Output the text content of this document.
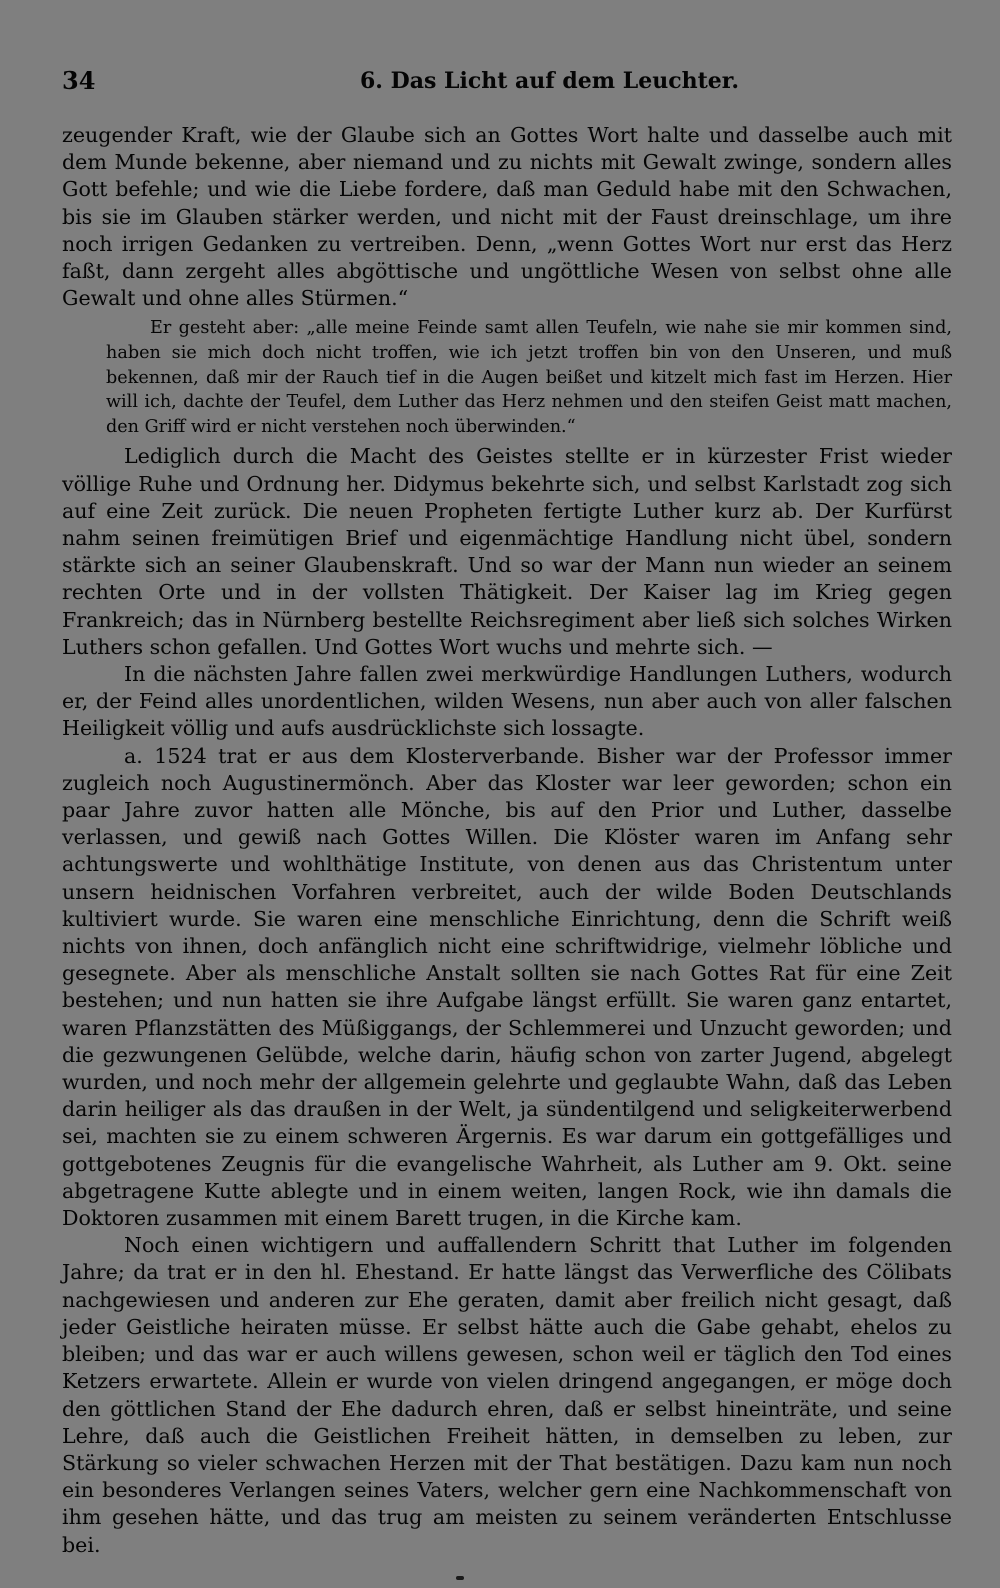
34	6. Das Licht auf dem Leuchter.

zeugender Kraft, wie der Glaube sich an Gottes Wort halte und dasselbe auch mit dem Munde bekenne, aber niemand und zu nichts mit Gewalt zwinge, sondern alles Gott befehle; und wie die Liebe fordere, daß man Geduld habe mit den Schwachen, bis sie im Glauben stärker werden, und nicht mit der Faust dreinschlage, um ihre noch irrigen Gedanken zu vertreiben. Denn, „wenn Gottes Wort nur erst das Herz faßt, dann zergeht alles abgöttische und ungöttliche Wesen von selbst ohne alle Gewalt und ohne alles Stürmen.“

Er gesteht aber: „alle meine Feinde samt allen Teufeln, wie nahe sie mir kommen sind, haben sie mich doch nicht troffen, wie ich jetzt troffen bin von den Unseren, und muß bekennen, daß mir der Rauch tief in die Augen beißet und kitzelt mich fast im Herzen. Hier will ich, dachte der Teufel, dem Luther das Herz nehmen und den steifen Geist matt machen, den Griff wird er nicht verstehen noch überwinden.“

Lediglich durch die Macht des Geistes stellte er in kürzester Frist wieder völlige Ruhe und Ordnung her. Didymus bekehrte sich, und selbst Karlstadt zog sich auf eine Zeit zurück. Die neuen Propheten fertigte Luther kurz ab. Der Kurfürst nahm seinen freimütigen Brief und eigenmächtige Handlung nicht übel, sondern stärkte sich an seiner Glaubenskraft. Und so war der Mann nun wieder an seinem rechten Orte und in der vollsten Thätigkeit. Der Kaiser lag im Krieg gegen Frankreich; das in Nürnberg bestellte Reichsregiment aber ließ sich solches Wirken Luthers schon gefallen. Und Gottes Wort wuchs und mehrte sich. —

In die nächsten Jahre fallen zwei merkwürdige Handlungen Luthers, wodurch er, der Feind alles unordentlichen, wilden Wesens, nun aber auch von aller falschen Heiligkeit völlig und aufs ausdrücklichste sich lossagte.

a. 1524 trat er aus dem Klosterverbande. Bisher war der Professor immer zugleich noch Augustinermönch. Aber das Kloster war leer geworden; schon ein paar Jahre zuvor hatten alle Mönche, bis auf den Prior und Luther, dasselbe verlassen, und gewiß nach Gottes Willen. Die Klöster waren im Anfang sehr achtungswerte und wohlthätige Institute, von denen aus das Christentum unter unsern heidnischen Vorfahren verbreitet, auch der wilde Boden Deutschlands kultiviert wurde. Sie waren eine menschliche Einrichtung, denn die Schrift weiß nichts von ihnen, doch anfänglich nicht eine schriftwidrige, vielmehr löbliche und gesegnete. Aber als menschliche Anstalt sollten sie nach Gottes Rat für eine Zeit bestehen; und nun hatten sie ihre Aufgabe längst erfüllt. Sie waren ganz entartet, waren Pflanzstätten des Müßiggangs, der Schlemmerei und Unzucht geworden; und die gezwungenen Gelübde, welche darin, häufig schon von zarter Jugend, abgelegt wurden, und noch mehr der allgemein gelehrte und geglaubte Wahn, daß das Leben darin heiliger als das draußen in der Welt, ja sündentilgend und seligkeiterwerbend sei, machten sie zu einem schweren Ärgernis. Es war darum ein gottgefälliges und gottgebotenes Zeugnis für die evangelische Wahrheit, als Luther am 9. Okt. seine abgetragene Kutte ablegte und in einem weiten, langen Rock, wie ihn damals die Doktoren zusammen mit einem Barett trugen, in die Kirche kam.

Noch einen wichtigern und auffallendern Schritt that Luther im folgenden Jahre; da trat er in den hl. Ehestand. Er hatte längst das Verwerfliche des Cölibats nachgewiesen und anderen zur Ehe geraten, damit aber freilich nicht gesagt, daß jeder Geistliche heiraten müsse. Er selbst hätte auch die Gabe gehabt, ehelos zu bleiben; und das war er auch willens gewesen, schon weil er täglich den Tod eines Ketzers erwartete. Allein er wurde von vielen dringend angegangen, er möge doch den göttlichen Stand der Ehe dadurch ehren, daß er selbst hineinträte, und seine Lehre, daß auch die Geistlichen Freiheit hätten, in demselben zu leben, zur Stärkung so vieler schwachen Herzen mit der That bestätigen. Dazu kam nun noch ein besonderes Verlangen seines Vaters, welcher gern eine Nachkommenschaft von ihm gesehen hätte, und das trug am meisten zu seinem veränderten Entschlusse bei.
